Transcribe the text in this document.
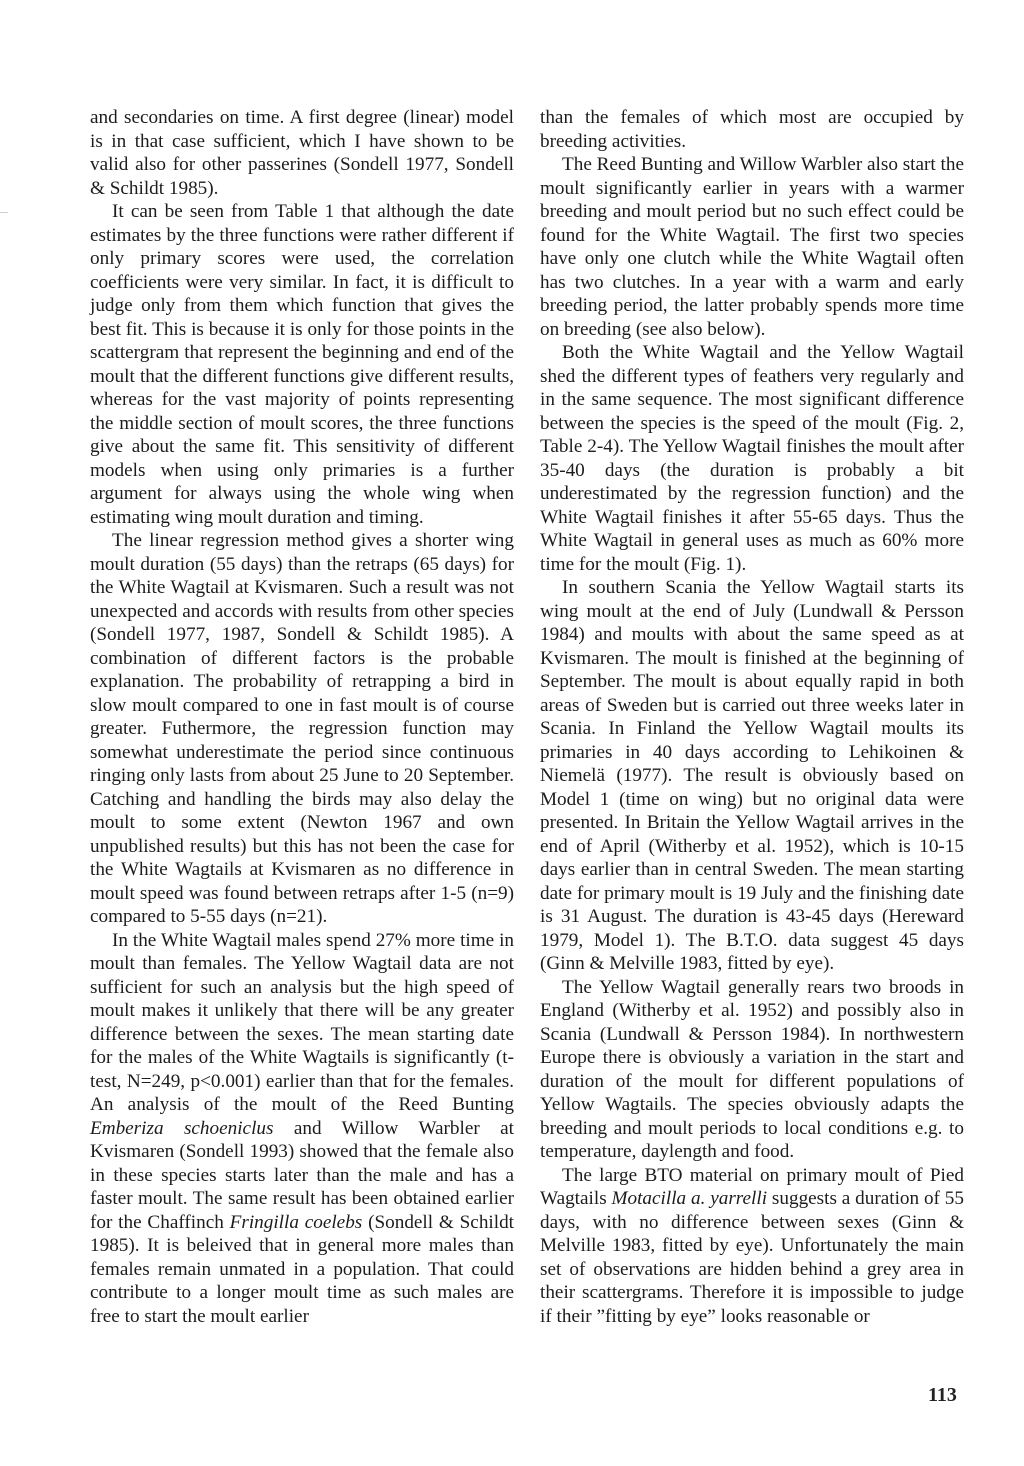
and secondaries on time. A first degree (linear) model is in that case sufficient, which I have shown to be valid also for other passerines (Sondell 1977, Sondell & Schildt 1985).

It can be seen from Table 1 that although the date estimates by the three functions were rather different if only primary scores were used, the correlation coefficients were very similar. In fact, it is difficult to judge only from them which function that gives the best fit. This is because it is only for those points in the scattergram that represent the beginning and end of the moult that the different functions give different results, whereas for the vast majority of points representing the middle section of moult scores, the three functions give about the same fit. This sensitivity of different models when using only primaries is a further argument for always using the whole wing when estimating wing moult duration and timing.

The linear regression method gives a shorter wing moult duration (55 days) than the retraps (65 days) for the White Wagtail at Kvismaren. Such a result was not unexpected and accords with results from other species (Sondell 1977, 1987, Sondell & Schildt 1985). A combination of different factors is the probable explanation. The probability of retrapping a bird in slow moult compared to one in fast moult is of course greater. Futhermore, the regression function may somewhat underestimate the period since continuous ringing only lasts from about 25 June to 20 September. Catching and handling the birds may also delay the moult to some extent (Newton 1967 and own unpublished results) but this has not been the case for the White Wagtails at Kvismaren as no difference in moult speed was found between retraps after 1-5 (n=9) compared to 5-55 days (n=21).

In the White Wagtail males spend 27% more time in moult than females. The Yellow Wagtail data are not sufficient for such an analysis but the high speed of moult makes it unlikely that there will be any greater difference between the sexes. The mean starting date for the males of the White Wagtails is significantly (t-test, N=249, p<0.001) earlier than that for the females. An analysis of the moult of the Reed Bunting Emberiza schoeniclus and Willow Warbler at Kvismaren (Sondell 1993) showed that the female also in these species starts later than the male and has a faster moult. The same result has been obtained earlier for the Chaffinch Fringilla coelebs (Sondell & Schildt 1985). It is beleived that in general more males than females remain unmated in a population. That could contribute to a longer moult time as such males are free to start the moult earlier

than the females of which most are occupied by breeding activities.

The Reed Bunting and Willow Warbler also start the moult significantly earlier in years with a warmer breeding and moult period but no such effect could be found for the White Wagtail. The first two species have only one clutch while the White Wagtail often has two clutches. In a year with a warm and early breeding period, the latter probably spends more time on breeding (see also below).

Both the White Wagtail and the Yellow Wagtail shed the different types of feathers very regularly and in the same sequence. The most significant difference between the species is the speed of the moult (Fig. 2, Table 2-4). The Yellow Wagtail finishes the moult after 35-40 days (the duration is probably a bit underestimated by the regression function) and the White Wagtail finishes it after 55-65 days. Thus the White Wagtail in general uses as much as 60% more time for the moult (Fig. 1).

In southern Scania the Yellow Wagtail starts its wing moult at the end of July (Lundwall & Persson 1984) and moults with about the same speed as at Kvismaren. The moult is finished at the beginning of September. The moult is about equally rapid in both areas of Sweden but is carried out three weeks later in Scania. In Finland the Yellow Wagtail moults its primaries in 40 days according to Lehikoinen & Niemelä (1977). The result is obviously based on Model 1 (time on wing) but no original data were presented. In Britain the Yellow Wagtail arrives in the end of April (Witherby et al. 1952), which is 10-15 days earlier than in central Sweden. The mean starting date for primary moult is 19 July and the finishing date is 31 August. The duration is 43-45 days (Hereward 1979, Model 1). The B.T.O. data suggest 45 days (Ginn & Melville 1983, fitted by eye).

The Yellow Wagtail generally rears two broods in England (Witherby et al. 1952) and possibly also in Scania (Lundwall & Persson 1984). In northwestern Europe there is obviously a variation in the start and duration of the moult for different populations of Yellow Wagtails. The species obviously adapts the breeding and moult periods to local conditions e.g. to temperature, daylength and food.

The large BTO material on primary moult of Pied Wagtails Motacilla a. yarrelli suggests a duration of 55 days, with no difference between sexes (Ginn & Melville 1983, fitted by eye). Unfortunately the main set of observations are hidden behind a grey area in their scattergrams. Therefore it is impossible to judge if their ”fitting by eye” looks reasonable or

113
